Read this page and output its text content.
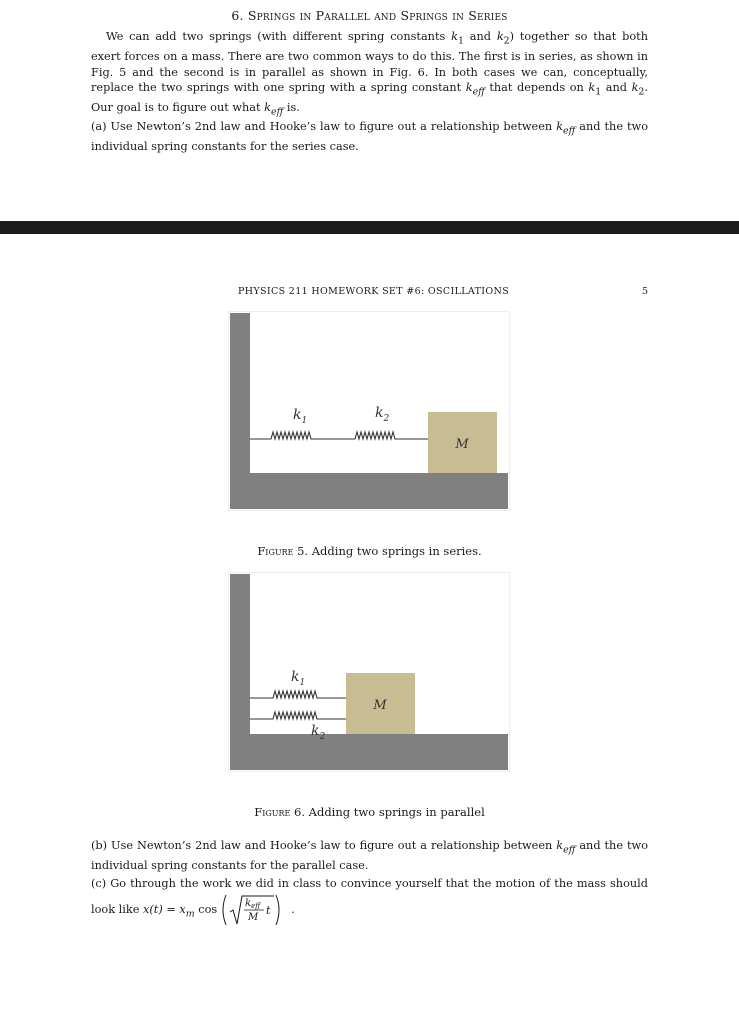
6. Springs in Parallel and Springs in Series

We can add two springs (with different spring constants $k_1$ and $k_2$) together so that both exert forces on a mass. There are two common ways to do this. The first is in series, as shown in Fig. 5 and the second is in parallel as shown in Fig. 6. In both cases we can, conceptually, replace the two springs with one spring with a spring constant $k_{eff}$ that depends on $k_1$ and $k_2$. Our goal is to figure out what $k_{eff}$ is.

(a) Use Newton’s 2nd law and Hooke’s law to figure out a relationship between $k_{eff}$ and the two individual spring constants for the series case.

PHYSICS 211 HOMEWORK SET #6: OSCILLATIONS	5
M
$k_1$	$k_2$

Figure 5. Adding two springs in series.

M
$k_1$
$k_2$

Figure 6. Adding two springs in parallel

(b) Use Newton’s 2nd law and Hooke’s law to figure out a relationship between $k_{eff}$ and the two individual spring constants for the parallel case.

(c) Go through the work we did in class to convince yourself that the motion of the mass should look like $x(t) = x_m$ cos	$k_{eff}$
M
t .
